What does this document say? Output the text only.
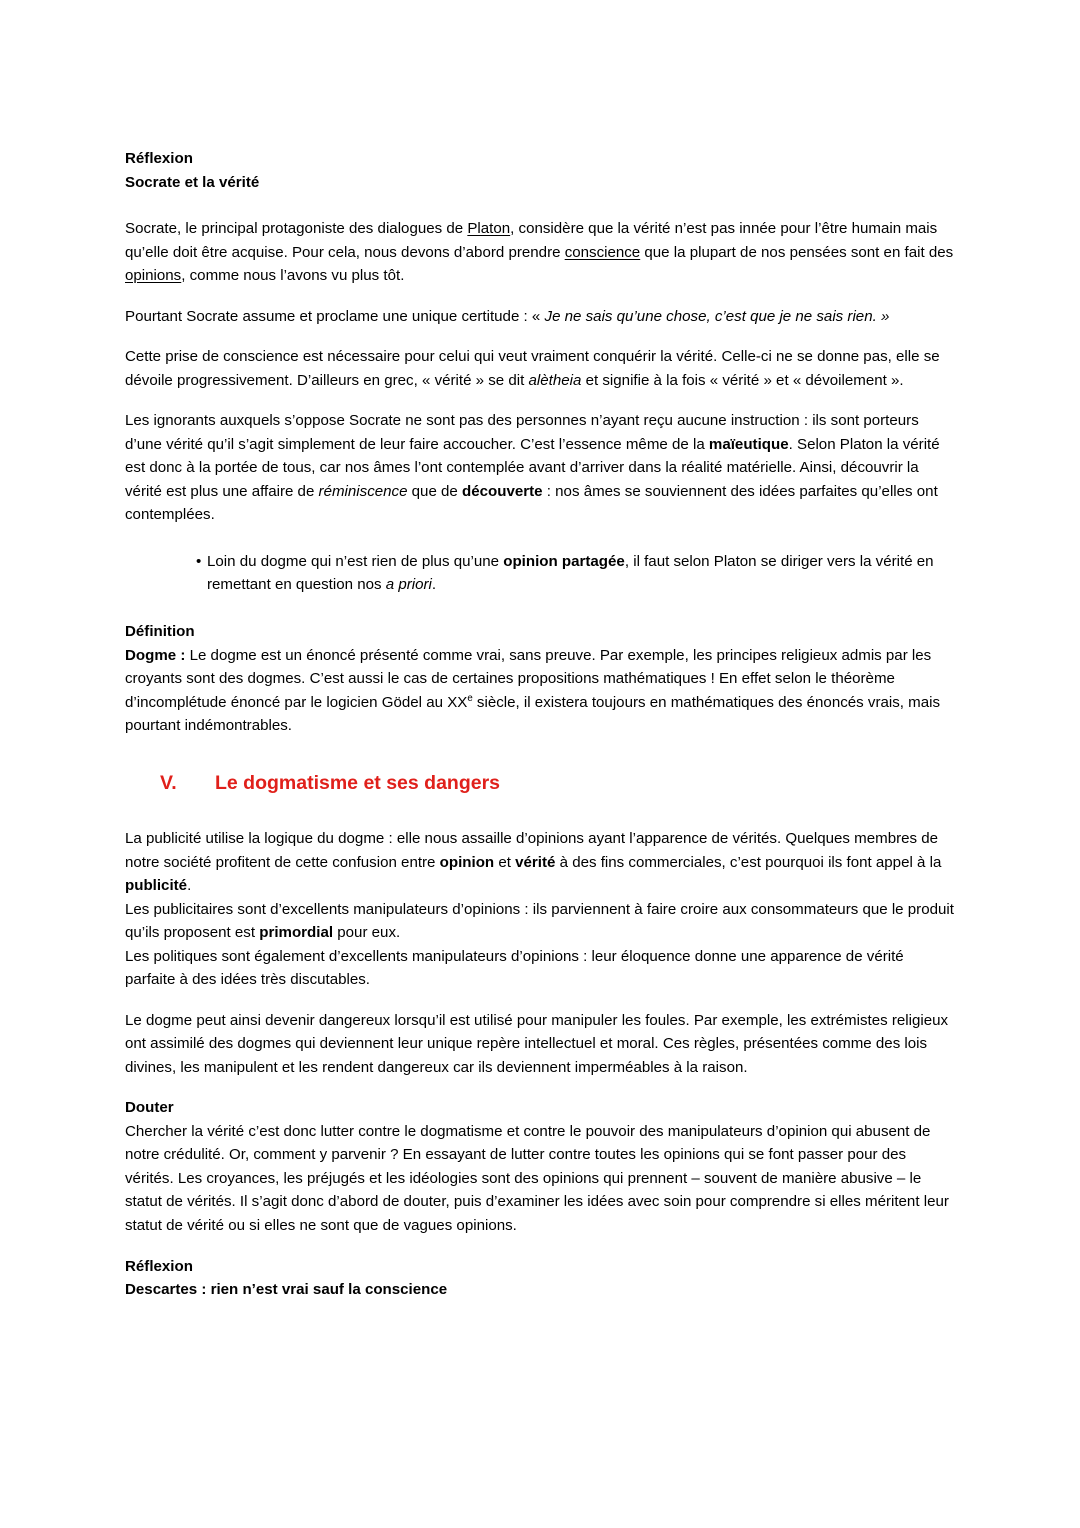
Réflexion
Socrate et la vérité

Socrate, le principal protagoniste des dialogues de Platon, considère que la vérité n’est pas innée pour l’être humain mais qu’elle doit être acquise. Pour cela, nous devons d’abord prendre conscience que la plupart de nos pensées sont en fait des opinions, comme nous l’avons vu plus tôt.

Pourtant Socrate assume et proclame une unique certitude : « Je ne sais qu’une chose, c’est que je ne sais rien. »

Cette prise de conscience est nécessaire pour celui qui veut vraiment conquérir la vérité. Celle-ci ne se donne pas, elle se dévoile progressivement. D’ailleurs en grec, « vérité » se dit alètheia et signifie à la fois « vérité » et « dévoilement ».

Les ignorants auxquels s’oppose Socrate ne sont pas des personnes n’ayant reçu aucune instruction : ils sont porteurs d’une vérité qu’il s’agit simplement de leur faire accoucher. C’est l’essence même de la maïeutique. Selon Platon la vérité est donc à la portée de tous, car nos âmes l’ont contemplée avant d’arriver dans la réalité matérielle. Ainsi, découvrir la vérité est plus une affaire de réminiscence que de découverte : nos âmes se souviennent des idées parfaites qu’elles ont contemplées.

• Loin du dogme qui n’est rien de plus qu’une opinion partagée, il faut selon Platon se diriger vers la vérité en remettant en question nos a priori.
Définition

Dogme : Le dogme est un énoncé présenté comme vrai, sans preuve. Par exemple, les principes religieux admis par les croyants sont des dogmes. C’est aussi le cas de certaines propositions mathématiques ! En effet selon le théorème d’incomplétude énoncé par le logicien Gödel au XXe siècle, il existera toujours en mathématiques des énoncés vrais, mais pourtant indémontrables.

V.	Le dogmatisme et ses dangers

La publicité utilise la logique du dogme : elle nous assaille d’opinions ayant l’apparence de vérités. Quelques membres de notre société profitent de cette confusion entre opinion et vérité à des fins commerciales, c’est pourquoi ils font appel à la publicité.

Les publicitaires sont d’excellents manipulateurs d’opinions : ils parviennent à faire croire aux consommateurs que le produit qu’ils proposent est primordial pour eux.

Les politiques sont également d’excellents manipulateurs d’opinions : leur éloquence donne une apparence de vérité parfaite à des idées très discutables.

Le dogme peut ainsi devenir dangereux lorsqu’il est utilisé pour manipuler les foules. Par exemple, les extrémistes religieux ont assimilé des dogmes qui deviennent leur unique repère intellectuel et moral. Ces règles, présentées comme des lois divines, les manipulent et les rendent dangereux car ils deviennent imperméables à la raison.

Douter

Chercher la vérité c’est donc lutter contre le dogmatisme et contre le pouvoir des manipulateurs d’opinion qui abusent de notre crédulité. Or, comment y parvenir ? En essayant de lutter contre toutes les opinions qui se font passer pour des vérités. Les croyances, les préjugés et les idéologies sont des opinions qui prennent – souvent de manière abusive – le statut de vérités. Il s’agit donc d’abord de douter, puis d’examiner les idées avec soin pour comprendre si elles méritent leur statut de vérité ou si elles ne sont que de vagues opinions.

Réflexion
Descartes : rien n’est vrai sauf la conscience
